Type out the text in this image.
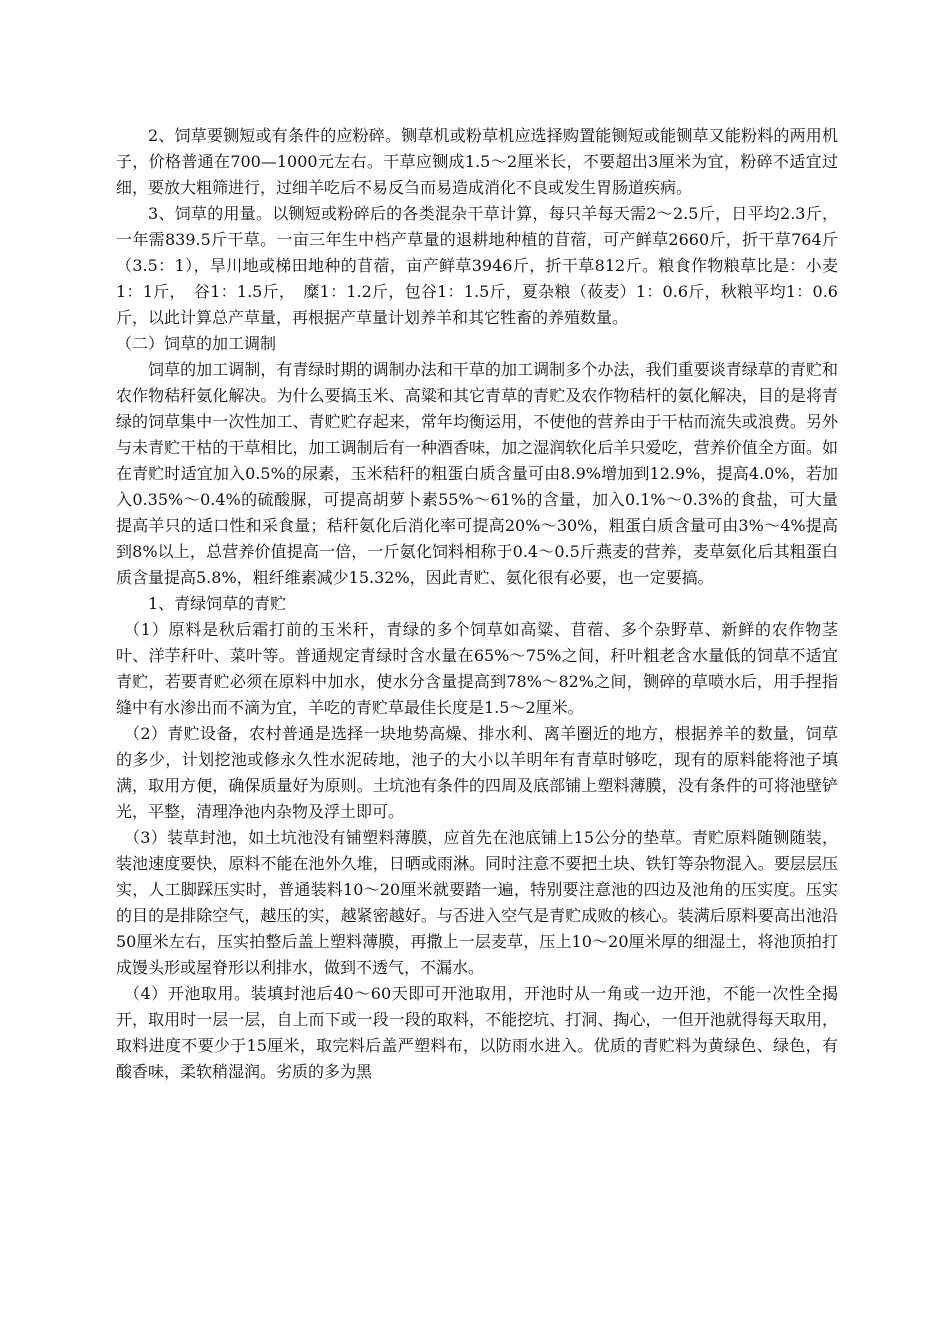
2、饲草要铡短或有条件的应粉碎。铡草机或粉草机应选择购置能铡短或能铡草又能粉料的两用机子，价格普通在700—1000元左右。干草应铡成1.5～2厘米长，不要超出3厘米为宜，粉碎不适宜过细，要放大粗筛进行，过细羊吃后不易反刍而易造成消化不良或发生胃肠道疾病。

3、饲草的用量。以铡短或粉碎后的各类混杂干草计算，每只羊每天需2～2.5斤，日平均2.3斤，一年需839.5斤干草。一亩三年生中档产草量的退耕地种植的苜蓿，可产鲜草2660斤，折干草764斤（3.5：1），旱川地或梯田地种的苜蓿，亩产鲜草3946斤，折干草812斤。粮食作物粮草比是：小麦1：1斤，　谷1：1.5斤，　糜1：1.2斤，包谷1：1.5斤，夏杂粮（莜麦）1：0.6斤，秋粮平均1：0.6斤，以此计算总产草量，再根据产草量计划养羊和其它牲畜的养殖数量。

（二）饲草的加工调制

饲草的加工调制，有青绿时期的调制办法和干草的加工调制多个办法，我们重要谈青绿草的青贮和农作物秸秆氨化解决。为什么要搞玉米、高粱和其它青草的青贮及农作物秸杆的氨化解决，目的是将青绿的饲草集中一次性加工、青贮贮存起来，常年均衡运用，不使他的营养由于干枯而流失或浪费。另外与未青贮干枯的干草相比，加工调制后有一种酒香味，加之湿润软化后羊只爱吃，营养价值全方面。如在青贮时适宜加入0.5%的尿素，玉米秸秆的粗蛋白质含量可由8.9%增加到12.9%，提高4.0%，若加入0.35%～0.4%的硫酸脲，可提高胡萝卜素55%～61%的含量，加入0.1%～0.3%的食盐，可大量提高羊只的适口性和采食量；秸秆氨化后消化率可提高20%～30%，粗蛋白质含量可由3%～4%提高到8%以上，总营养价值提高一倍，一斤氨化饲料相称于0.4～0.5斤燕麦的营养，麦草氨化后其粗蛋白质含量提高5.8%，粗纤维素减少15.32%，因此青贮、氨化很有必要，也一定要搞。

1、青绿饲草的青贮

（1）原料是秋后霜打前的玉米秆，青绿的多个饲草如高粱、苜蓿、多个杂野草、新鲜的农作物茎叶、洋芋秆叶、菜叶等。普通规定青绿时含水量在65%～75%之间，秆叶粗老含水量低的饲草不适宜青贮，若要青贮必须在原料中加水，使水分含量提高到78%～82%之间，铡碎的草喷水后，用手捏指缝中有水渗出而不滴为宜，羊吃的青贮草最佳长度是1.5～2厘米。

（2）青贮设备，农村普通是选择一块地势高燥、排水利、离羊圈近的地方，根据养羊的数量，饲草的多少，计划挖池或修永久性水泥砖地，池子的大小以羊明年有青草时够吃，现有的原料能将池子填满，取用方便，确保质量好为原则。土坑池有条件的四周及底部铺上塑料薄膜，没有条件的可将池壁铲光，平整，清理净池内杂物及浮土即可。

（3）装草封池，如土坑池没有铺塑料薄膜，应首先在池底铺上15公分的垫草。青贮原料随铡随装，装池速度要快，原料不能在池外久堆，日晒或雨淋。同时注意不要把土块、铁钉等杂物混入。要层层压实，人工脚踩压实时，普通装料10～20厘米就要踏一遍，特别要注意池的四边及池角的压实度。压实的目的是排除空气，越压的实，越紧密越好。与否进入空气是青贮成败的核心。装满后原料要高出池沿50厘米左右，压实拍整后盖上塑料薄膜，再撒上一层麦草，压上10～20厘米厚的细湿土，将池顶拍打成馒头形或屋脊形以利排水，做到不透气，不漏水。

（4）开池取用。装填封池后40～60天即可开池取用，开池时从一角或一边开池，不能一次性全揭开，取用时一层一层，自上而下或一段一段的取料，不能挖坑、打洞、掏心，一但开池就得每天取用，取料进度不要少于15厘米，取完料后盖严塑料布，以防雨水进入。优质的青贮料为黄绿色、绿色，有酸香味，柔软稍湿润。劣质的多为黑
